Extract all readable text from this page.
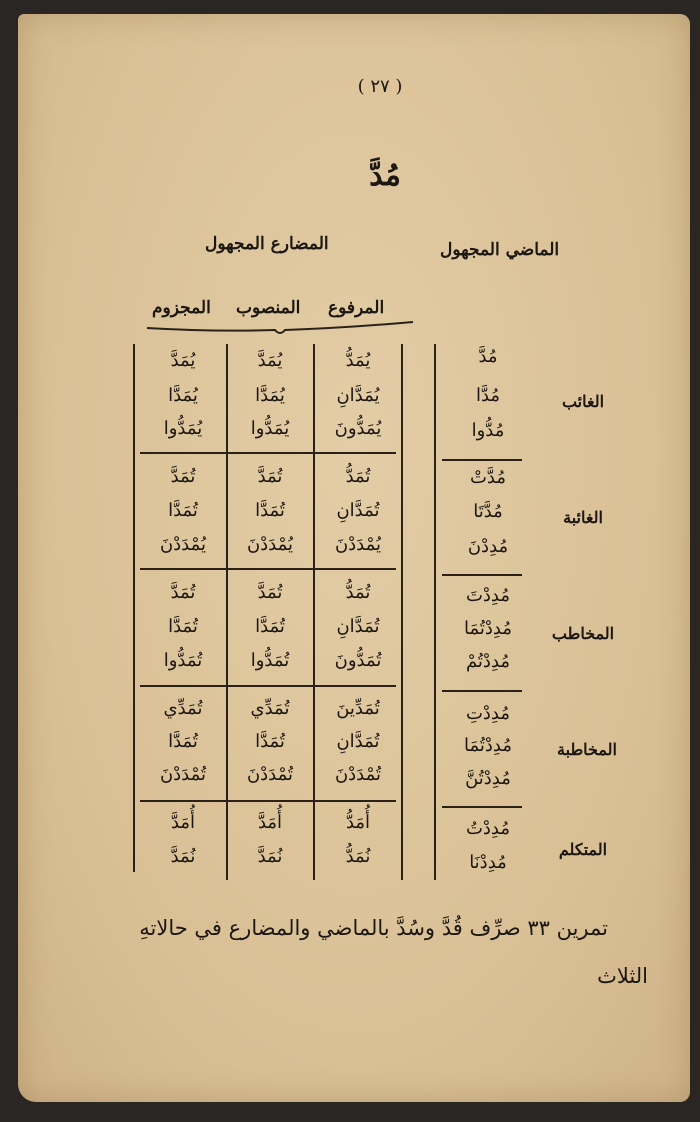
( ٢٧ )
مُدَّ
الماضي المجهول
المضارع المجهول
المرفوع
المنصوب
المجزوم
الغائب
الغائبة
المخاطب
المخاطبة
المتكلم
مُدَّ
مُدَّا
مُدُّوا
مُدَّتْ
مُدَّتَا
مُدِدْنَ
مُدِدْتَ
مُدِدْتُمَا
مُدِدْتُمْ
مُدِدْتِ
مُدِدْتُمَا
مُدِدْتُنَّ
مُدِدْتُ
مُدِدْنَا
يُمَدُّ
يُمَدَّانِ
يُمَدُّونَ
تُمَدُّ
تُمَدَّانِ
يُمْدَدْنَ
تُمَدُّ
تُمَدَّانِ
تُمَدُّونَ
تُمَدِّينَ
تُمَدَّانِ
تُمْدَدْنَ
أُمَدُّ
نُمَدُّ
يُمَدَّ
يُمَدَّا
يُمَدُّوا
تُمَدَّ
تُمَدَّا
يُمْدَدْنَ
تُمَدَّ
تُمَدَّا
تُمَدُّوا
تُمَدِّي
تُمَدَّا
تُمْدَدْنَ
أُمَدَّ
نُمَدَّ
يُمَدَّ
يُمَدَّا
يُمَدُّوا
تُمَدَّ
تُمَدَّا
يُمْدَدْنَ
تُمَدَّ
تُمَدَّا
تُمَدُّوا
تُمَدِّي
تُمَدَّا
تُمْدَدْنَ
أُمَدَّ
نُمَدَّ
تمرين ٣٣ صرِّف قُدَّ وسُدَّ بالماضي والمضارع في حالاتهِ
الثلاث
